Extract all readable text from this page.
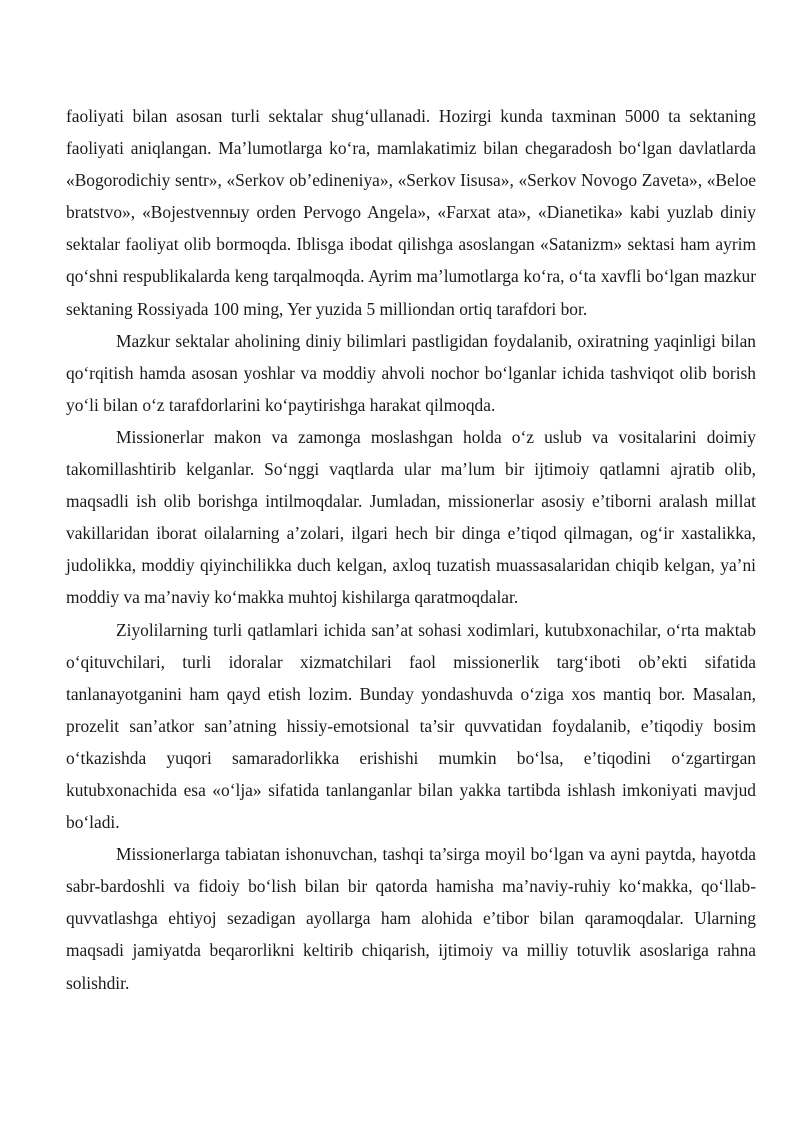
faoliyati bilan asosan turli sektalar shug‘ullanadi. Hozirgi kunda taxminan 5000 ta sektaning faoliyati aniqlangan. Ma’lumotlarga ko‘ra, mamlakatimiz bilan chegaradosh bo‘lgan davlatlarda «Bogorodichiy sentr», «Serkov ob’edineniya», «Serkov Iisusa», «Serkov Novogo Zaveta», «Beloe bratstvo», «Bojestvennыy orden Pervogo Angela», «Farxat ata», «Dianetika» kabi yuzlab diniy sektalar faoliyat olib bormoqda. Iblisga ibodat qilishga asoslangan «Satanizm» sektasi ham ayrim qo‘shni respublikalarda keng tarqalmoqda. Ayrim ma’lumotlarga ko‘ra, o‘ta xavfli bo‘lgan mazkur sektaning Rossiyada 100 ming, Yer yuzida 5 milliondan ortiq tarafdori bor.

Mazkur sektalar aholining diniy bilimlari pastligidan foydalanib, oxiratning yaqinligi bilan qo‘rqitish hamda asosan yoshlar va moddiy ahvoli nochor bo‘lganlar ichida tashviqot olib borish yo‘li bilan o‘z tarafdorlarini ko‘paytirishga harakat qilmoqda.

Missionerlar makon va zamonga moslashgan holda o‘z uslub va vositalarini doimiy takomillashtirib kelganlar. So‘nggi vaqtlarda ular ma’lum bir ijtimoiy qatlamni ajratib olib, maqsadli ish olib borishga intilmoqdalar. Jumladan, missionerlar asosiy e’tiborni aralash millat vakillaridan iborat oilalarning a’zolari, ilgari hech bir dinga e’tiqod qilmagan, og‘ir xastalikka, judolikka, moddiy qiyinchilikka duch kelgan, axloq tuzatish muassasalaridan chiqib kelgan, ya’ni moddiy va ma’naviy ko‘makka muhtoj kishilarga qaratmoqdalar.

Ziyolilarning turli qatlamlari ichida san’at sohasi xodimlari, kutubxonachilar, o‘rta maktab o‘qituvchilari, turli idoralar xizmatchilari faol missionerlik targ‘iboti ob’ekti sifatida tanlanayotganini ham qayd etish lozim. Bunday yondashuvda o‘ziga xos mantiq bor. Masalan, prozelit san’atkor san’atning hissiy-emotsional ta’sir quvvatidan foydalanib, e’tiqodiy bosim o‘tkazishda yuqori samaradorlikka erishishi mumkin bo‘lsa, e’tiqodini o‘zgartirgan kutubxonachida esa «o‘lja» sifatida tanlanganlar bilan yakka tartibda ishlash imkoniyati mavjud bo‘ladi.

Missionerlarga tabiatan ishonuvchan, tashqi ta’sirga moyil bo‘lgan va ayni paytda, hayotda sabr-bardoshli va fidoiy bo‘lish bilan bir qatorda hamisha ma’naviy-ruhiy ko‘makka, qo‘llab-quvvatlashga ehtiyoj sezadigan ayollarga ham alohida e’tibor bilan qaramoqdalar. Ularning maqsadi jamiyatda beqarorlikni keltirib chiqarish, ijtimoiy va milliy totuvlik asoslariga rahna solishdir.
